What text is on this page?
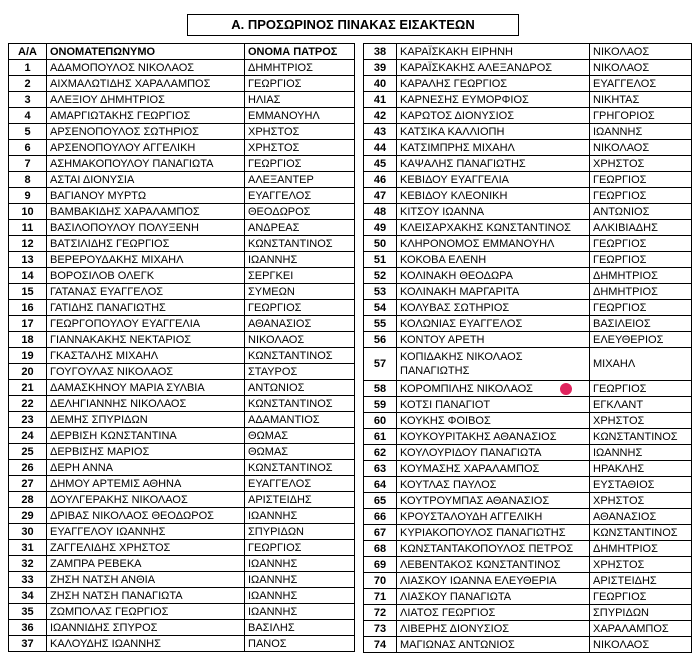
Α. ΠΡΟΣΩΡΙΝΟΣ ΠΙΝΑΚΑΣ ΕΙΣΑΚΤΕΩΝ
Α/Α	ΟΝΟΜΑΤΕΠΩΝΥΜΟ	ΟΝΟΜΑ ΠΑΤΡΟΣ
1	ΑΔΑΜΟΠΟΥΛΟΣ ΝΙΚΟΛΑΟΣ	ΔΗΜΗΤΡΙΟΣ
2	ΑΙΧΜΑΛΩΤΙΔΗΣ ΧΑΡΑΛΑΜΠΟΣ	ΓΕΩΡΓΙΟΣ
3	ΑΛΕΞΙΟΥ ΔΗΜΗΤΡΙΟΣ	ΗΛΙΑΣ
4	ΑΜΑΡΓΙΩΤΑΚΗΣ ΓΕΩΡΓΙΟΣ	ΕΜΜΑΝΟΥΗΛ
5	ΑΡΣΕΝΟΠΟΥΛΟΣ ΣΩΤΗΡΙΟΣ	ΧΡΗΣΤΟΣ
6	ΑΡΣΕΝΟΠΟΥΛΟΥ ΑΓΓΕΛΙΚΗ	ΧΡΗΣΤΟΣ
7	ΑΣΗΜΑΚΟΠΟΥΛΟΥ ΠΑΝΑΓΙΩΤΑ	ΓΕΩΡΓΙΟΣ
8	ΑΣΤΑΙ ΔΙΟΝΥΣΙΑ	ΑΛΕΞΑΝΤΕΡ
9	ΒΑΓΙΑΝΟΥ ΜΥΡΤΩ	ΕΥΑΓΓΕΛΟΣ
10	ΒΑΜΒΑΚΙΔΗΣ ΧΑΡΑΛΑΜΠΟΣ	ΘΕΟΔΩΡΟΣ
11	ΒΑΣΙΛΟΠΟΥΛΟΥ ΠΟΛΥΞΕΝΗ	ΑΝΔΡΕΑΣ
12	ΒΑΤΣΙΛΙΔΗΣ ΓΕΩΡΓΙΟΣ	ΚΩΝΣΤΑΝΤΙΝΟΣ
13	ΒΕΡΕΡΟΥΔΑΚΗΣ ΜΙΧΑΗΛ	ΙΩΑΝΝΗΣ
14	ΒΟΡΟΣΙΛΟΒ ΟΛΕΓΚ	ΣΕΡΓΚΕΙ
15	ΓΑΤΑΝΑΣ ΕΥΑΓΓΕΛΟΣ	ΣΥΜΕΩΝ
16	ΓΑΤΙΔΗΣ ΠΑΝΑΓΙΩΤΗΣ	ΓΕΩΡΓΙΟΣ
17	ΓΕΩΡΓΟΠΟΥΛΟΥ ΕΥΑΓΓΕΛΙΑ	ΑΘΑΝΑΣΙΟΣ
18	ΓΙΑΝΝΑΚΑΚΗΣ ΝΕΚΤΑΡΙΟΣ	ΝΙΚΟΛΑΟΣ
19	ΓΚΑΣΤΑΛΗΣ ΜΙΧΑΗΛ	ΚΩΝΣΤΑΝΤΙΝΟΣ
20	ΓΟΥΓΟΥΛΑΣ ΝΙΚΟΛΑΟΣ	ΣΤΑΥΡΟΣ
21	ΔΑΜΑΣΚΗΝΟΥ ΜΑΡΙΑ ΣΥΛΒΙΑ	ΑΝΤΩΝΙΟΣ
22	ΔΕΛΗΓΙΑΝΝΗΣ ΝΙΚΟΛΑΟΣ	ΚΩΝΣΤΑΝΤΙΝΟΣ
23	ΔΕΜΗΣ ΣΠΥΡΙΔΩΝ	ΑΔΑΜΑΝΤΙΟΣ
24	ΔΕΡΒΙΣΗ ΚΩΝΣΤΑΝΤΙΝΑ	ΘΩΜΑΣ
25	ΔΕΡΒΙΣΗΣ ΜΑΡΙΟΣ	ΘΩΜΑΣ
26	ΔΕΡΗ ΑΝΝΑ	ΚΩΝΣΤΑΝΤΙΝΟΣ
27	ΔΗΜΟΥ ΑΡΤΕΜΙΣ ΑΘΗΝΑ	ΕΥΑΓΓΕΛΟΣ
28	ΔΟΥΛΓΕΡΑΚΗΣ ΝΙΚΟΛΑΟΣ	ΑΡΙΣΤΕΙΔΗΣ
29	ΔΡΙΒΑΣ ΝΙΚΟΛΑΟΣ ΘΕΟΔΩΡΟΣ	ΙΩΑΝΝΗΣ
30	ΕΥΑΓΓΕΛΟΥ ΙΩΑΝΝΗΣ	ΣΠΥΡΙΔΩΝ
31	ΖΑΓΓΕΛΙΔΗΣ ΧΡΗΣΤΟΣ	ΓΕΩΡΓΙΟΣ
32	ΖΑΜΠΡΑ ΡΕΒΕΚΑ	ΙΩΑΝΝΗΣ
33	ΖΗΣΗ ΝΑΤΣΗ ΑΝΘΙΑ	ΙΩΑΝΝΗΣ
34	ΖΗΣΗ ΝΑΤΣΗ ΠΑΝΑΓΙΩΤΑ	ΙΩΑΝΝΗΣ
35	ΖΩΜΠΟΛΑΣ ΓΕΩΡΓΙΟΣ	ΙΩΑΝΝΗΣ
36	ΙΩΑΝΝΙΔΗΣ ΣΠΥΡΟΣ	ΒΑΣΙΛΗΣ
37	ΚΑΛΟΥΔΗΣ ΙΩΑΝΝΗΣ	ΠΑΝΟΣ
38	ΚΑΡΑΪΣΚΑΚΗ ΕΙΡΗΝΗ	ΝΙΚΟΛΑΟΣ
39	ΚΑΡΑΪΣΚΑΚΗΣ ΑΛΕΞΑΝΔΡΟΣ	ΝΙΚΟΛΑΟΣ
40	ΚΑΡΑΛΗΣ ΓΕΩΡΓΙΟΣ	ΕΥΑΓΓΕΛΟΣ
41	ΚΑΡΝΕΣΗΣ ΕΥΜΟΡΦΙΟΣ	ΝΙΚΗΤΑΣ
42	ΚΑΡΩΤΟΣ ΔΙΟΝΥΣΙΟΣ	ΓΡΗΓΟΡΙΟΣ
43	ΚΑΤΣΙΚΑ ΚΑΛΛΙΟΠΗ	ΙΩΑΝΝΗΣ
44	ΚΑΤΣΙΜΠΡΗΣ ΜΙΧΑΗΛ	ΝΙΚΟΛΑΟΣ
45	ΚΑΨΑΛΗΣ ΠΑΝΑΓΙΩΤΗΣ	ΧΡΗΣΤΟΣ
46	ΚΕΒΙΔΟΥ ΕΥΑΓΓΕΛΙΑ	ΓΕΩΡΓΙΟΣ
47	ΚΕΒΙΔΟΥ ΚΛΕΟΝΙΚΗ	ΓΕΩΡΓΙΟΣ
48	ΚΙΤΣΟΥ ΙΩΑΝΝΑ	ΑΝΤΩΝΙΟΣ
49	ΚΛΕΙΣΑΡΧΑΚΗΣ ΚΩΝΣΤΑΝΤΙΝΟΣ	ΑΛΚΙΒΙΑΔΗΣ
50	ΚΛΗΡΟΝΟΜΟΣ ΕΜΜΑΝΟΥΗΛ	ΓΕΩΡΓΙΟΣ
51	ΚΟΚΟΒΑ ΕΛΕΝΗ	ΓΕΩΡΓΙΟΣ
52	ΚΟΛΙΝΑΚΗ ΘΕΟΔΩΡΑ	ΔΗΜΗΤΡΙΟΣ
53	ΚΟΛΙΝΑΚΗ ΜΑΡΓΑΡΙΤΑ	ΔΗΜΗΤΡΙΟΣ
54	ΚΟΛΥΒΑΣ ΣΩΤΗΡΙΟΣ	ΓΕΩΡΓΙΟΣ
55	ΚΟΛΩΝΙΑΣ ΕΥΑΓΓΕΛΟΣ	ΒΑΣΙΛΕΙΟΣ
56	ΚΟΝΤΟΥ ΑΡΕΤΗ	ΕΛΕΥΘΕΡΙΟΣ
57	ΚΟΠΙΔΑΚΗΣ ΝΙΚΟΛΑΟΣ ΠΑΝΑΓΙΩΤΗΣ	ΜΙΧΑΗΛ
58	ΚΟΡΟΜΠΙΛΗΣ ΝΙΚΟΛΑΟΣ	ΓΕΩΡΓΙΟΣ
59	ΚΟΤΣΙ ΠΑΝΑΓΙΟΤ	ΕΓΚΛΑΝΤ
60	ΚΟΥΚΗΣ ΦΟΙΒΟΣ	ΧΡΗΣΤΟΣ
61	ΚΟΥΚΟΥΡΙΤΑΚΗΣ ΑΘΑΝΑΣΙΟΣ	ΚΩΝΣΤΑΝΤΙΝΟΣ
62	ΚΟΥΛΟΥΡΙΔΟΥ ΠΑΝΑΓΙΩΤΑ	ΙΩΑΝΝΗΣ
63	ΚΟΥΜΑΣΗΣ ΧΑΡΑΛΑΜΠΟΣ	ΗΡΑΚΛΗΣ
64	ΚΟΥΤΛΑΣ ΠΑΥΛΟΣ	ΕΥΣΤΑΘΙΟΣ
65	ΚΟΥΤΡΟΥΜΠΑΣ ΑΘΑΝΑΣΙΟΣ	ΧΡΗΣΤΟΣ
66	ΚΡΟΥΣΤΑΛΟΥΔΗ ΑΓΓΕΛΙΚΗ	ΑΘΑΝΑΣΙΟΣ
67	ΚΥΡΙΑΚΟΠΟΥΛΟΣ ΠΑΝΑΓΙΩΤΗΣ	ΚΩΝΣΤΑΝΤΙΝΟΣ
68	ΚΩΝΣΤΑΝΤΑΚΟΠΟΥΛΟΣ ΠΕΤΡΟΣ	ΔΗΜΗΤΡΙΟΣ
69	ΛΕΒΕΝΤΑΚΟΣ ΚΩΝΣΤΑΝΤΙΝΟΣ	ΧΡΗΣΤΟΣ
70	ΛΙΑΣΚΟΥ ΙΩΑΝΝΑ ΕΛΕΥΘΕΡΙΑ	ΑΡΙΣΤΕΙΔΗΣ
71	ΛΙΑΣΚΟΥ ΠΑΝΑΓΙΩΤΑ	ΓΕΩΡΓΙΟΣ
72	ΛΙΑΤΟΣ ΓΕΩΡΓΙΟΣ	ΣΠΥΡΙΔΩΝ
73	ΛΙΒΕΡΗΣ ΔΙΟΝΥΣΙΟΣ	ΧΑΡΑΛΑΜΠΟΣ
74	ΜΑΓΙΩΝΑΣ ΑΝΤΩΝΙΟΣ	ΝΙΚΟΛΑΟΣ
